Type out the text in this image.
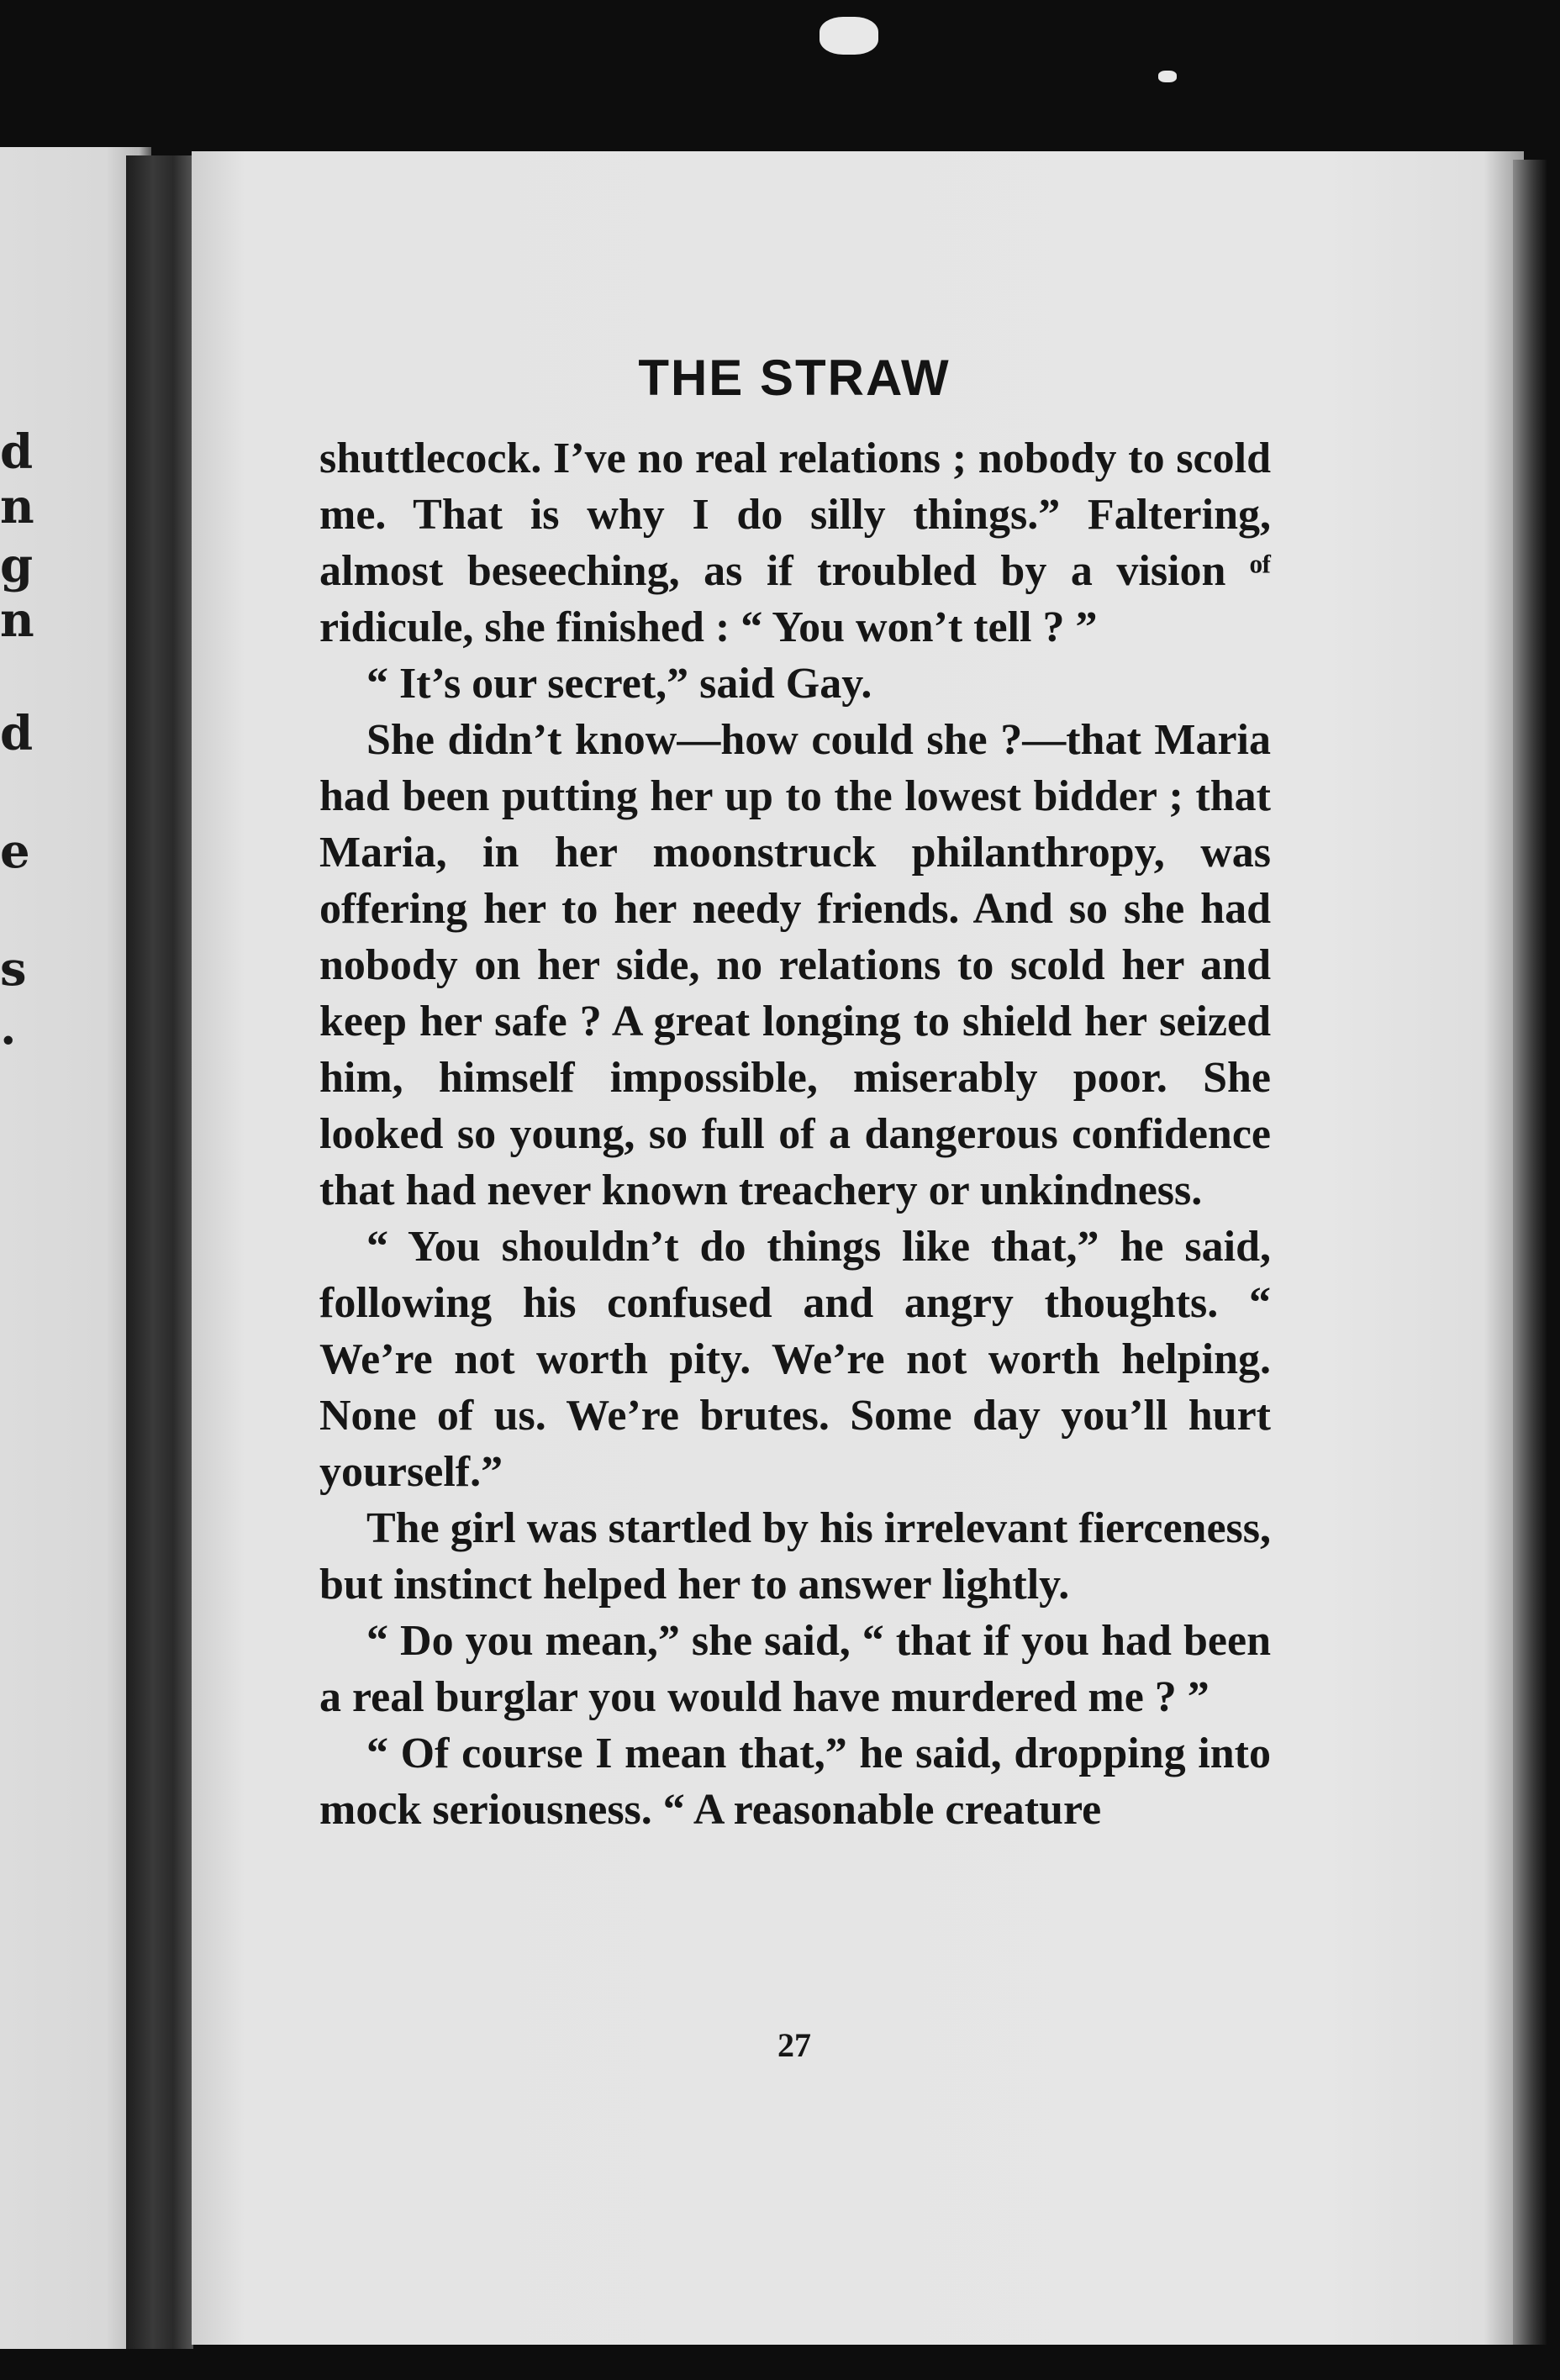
d
n
g
n
d
e
s
.
THE STRAW

shuttlecock. I’ve no real relations ; nobody to scold me. That is why I do silly things.” Faltering, almost beseeching, as if troubled by a vision ᵒᶠ ridicule, she finished : “ You won’t tell ? ”

“ It’s our secret,” said Gay.

She didn’t know—how could she ?—that Maria had been putting her up to the lowest bidder ; that Maria, in her moonstruck philanthropy, was offering her to her needy friends. And so she had nobody on her side, no relations to scold her and keep her safe ? A great longing to shield her seized him, himself impossible, miserably poor. She looked so young, so full of a dangerous confidence that had never known treachery or unkindness.

“ You shouldn’t do things like that,” he said, following his confused and angry thoughts. “ We’re not worth pity. We’re not worth helping. None of us. We’re brutes. Some day you’ll hurt yourself.”

The girl was startled by his irrelevant fierceness, but instinct helped her to answer lightly.

“ Do you mean,” she said, “ that if you had been a real burglar you would have murdered me ? ”

“ Of course I mean that,” he said, dropping into mock seriousness. “ A reasonable creature

27
